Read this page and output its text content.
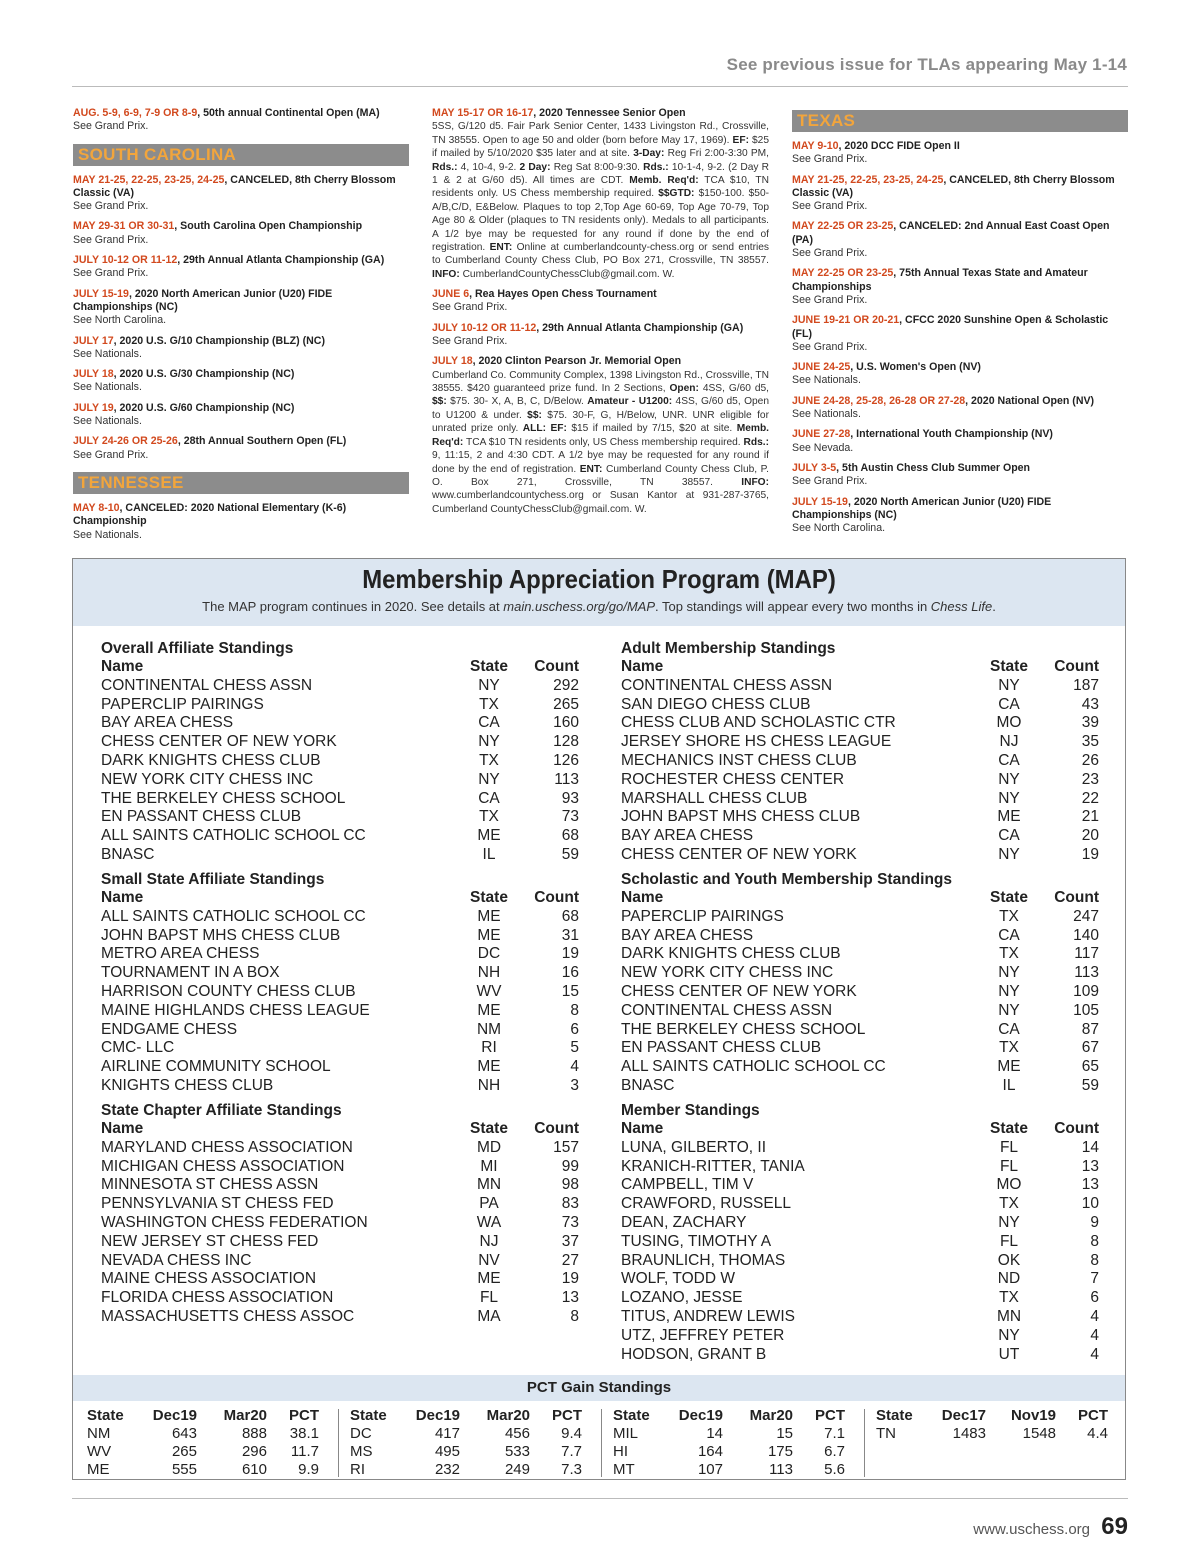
See previous issue for TLAs appearing May 1-14
AUG. 5-9, 6-9, 7-9 OR 8-9, 50th annual Continental Open (MA)
See Grand Prix.
SOUTH CAROLINA
MAY 21-25, 22-25, 23-25, 24-25, CANCELED, 8th Cherry Blossom Classic (VA)
See Grand Prix.
MAY 29-31 OR 30-31, South Carolina Open Championship
See Grand Prix.
JULY 10-12 OR 11-12, 29th Annual Atlanta Championship (GA)
See Grand Prix.
JULY 15-19, 2020 North American Junior (U20) FIDE Championships (NC)
See North Carolina.
JULY 17, 2020 U.S. G/10 Championship (BLZ) (NC)
See Nationals.
JULY 18, 2020 U.S. G/30 Championship (NC)
See Nationals.
JULY 19, 2020 U.S. G/60 Championship (NC)
See Nationals.
JULY 24-26 OR 25-26, 28th Annual Southern Open (FL)
See Grand Prix.
TENNESSEE
MAY 8-10, CANCELED: 2020 National Elementary (K-6) Championship
See Nationals.
MAY 15-17 OR 16-17, 2020 Tennessee Senior Open
5SS, G/120 d5. Fair Park Senior Center, 1433 Livingston Rd., Crossville, TN 38555. Open to age 50 and older (born before May 17, 1969). EF: $25 if mailed by 5/10/2020 $35 later and at site. 3-Day: Reg Fri 2:00-3:30 PM, Rds.: 4, 10-4, 9-2. 2 Day: Reg Sat 8:00-9:30. Rds.: 10-1-4, 9-2. (2 Day R 1 & 2 at G/60 d5). All times are CDT. Memb. Req'd: TCA $10, TN residents only. US Chess membership required. $$GTD: $150-100. $50-A/B,C/D, E&Below. Plaques to top 2,Top Age 60-69, Top Age 70-79, Top Age 80 & Older (plaques to TN residents only). Medals to all participants. A 1/2 bye may be requested for any round if done by the end of registration. ENT: Online at cumberlandcounty-chess.org or send entries to Cumberland County Chess Club, PO Box 271, Crossville, TN 38557. INFO: CumberlandCountyChessClub@gmail.com. W.
JUNE 6, Rea Hayes Open Chess Tournament
See Grand Prix.
JULY 10-12 OR 11-12, 29th Annual Atlanta Championship (GA)
See Grand Prix.
JULY 18, 2020 Clinton Pearson Jr. Memorial Open
Cumberland Co. Community Complex, 1398 Livingston Rd., Crossville, TN 38555. $420 guaranteed prize fund. In 2 Sections, Open: 4SS, G/60 d5, $$: $75. 30- X, A, B, C, D/Below. Amateur - U1200: 4SS, G/60 d5, Open to U1200 & under. $$: $75. 30-F, G, H/Below, UNR. UNR eligible for unrated prize only. ALL: EF: $15 if mailed by 7/15, $20 at site. Memb. Req'd: TCA $10 TN residents only, US Chess membership required. Rds.: 9, 11:15, 2 and 4:30 CDT. A 1/2 bye may be requested for any round if done by the end of registration. ENT: Cumberland County Chess Club, P. O. Box 271, Crossville, TN 38557. INFO: www.cumberlandcountychess.org or Susan Kantor at 931-287-3765, Cumberland CountyChessClub@gmail.com. W.
TEXAS
MAY 9-10, 2020 DCC FIDE Open II
See Grand Prix.
MAY 21-25, 22-25, 23-25, 24-25, CANCELED, 8th Cherry Blossom Classic (VA)
See Grand Prix.
MAY 22-25 OR 23-25, CANCELED: 2nd Annual East Coast Open (PA)
See Grand Prix.
MAY 22-25 OR 23-25, 75th Annual Texas State and Amateur Championships
See Grand Prix.
JUNE 19-21 OR 20-21, CFCC 2020 Sunshine Open & Scholastic (FL)
See Grand Prix.
JUNE 24-25, U.S. Women's Open (NV)
See Nationals.
JUNE 24-28, 25-28, 26-28 OR 27-28, 2020 National Open (NV)
See Nationals.
JUNE 27-28, International Youth Championship (NV)
See Nevada.
JULY 3-5, 5th Austin Chess Club Summer Open
See Grand Prix.
JULY 15-19, 2020 North American Junior (U20) FIDE Championships (NC)
See North Carolina.
Membership Appreciation Program (MAP)
The MAP program continues in 2020. See details at main.uschess.org/go/MAP. Top standings will appear every two months in Chess Life.
PCT Gain Standings
Overall Affiliate Standings
Name	State	Count
CONTINENTAL CHESS ASSN	NY	292
PAPERCLIP PAIRINGS	TX	265
BAY AREA CHESS	CA	160
CHESS CENTER OF NEW YORK	NY	128
DARK KNIGHTS CHESS CLUB	TX	126
NEW YORK CITY CHESS INC	NY	113
THE BERKELEY CHESS SCHOOL	CA	93
EN PASSANT CHESS CLUB	TX	73
ALL SAINTS CATHOLIC SCHOOL CC	ME	68
BNASC	IL	59
Adult Membership Standings
Name	State	Count
CONTINENTAL CHESS ASSN	NY	187
SAN DIEGO CHESS CLUB	CA	43
CHESS CLUB AND SCHOLASTIC CTR	MO	39
JERSEY SHORE HS CHESS LEAGUE	NJ	35
MECHANICS INST CHESS CLUB	CA	26
ROCHESTER CHESS CENTER	NY	23
MARSHALL CHESS CLUB	NY	22
JOHN BAPST MHS CHESS CLUB	ME	21
BAY AREA CHESS	CA	20
CHESS CENTER OF NEW YORK	NY	19
Small State Affiliate Standings
Name	State	Count
ALL SAINTS CATHOLIC SCHOOL CC	ME	68
JOHN BAPST MHS CHESS CLUB	ME	31
METRO AREA CHESS	DC	19
TOURNAMENT IN A BOX	NH	16
HARRISON COUNTY CHESS CLUB	WV	15
MAINE HIGHLANDS CHESS LEAGUE	ME	8
ENDGAME CHESS	NM	6
CMC- LLC	RI	5
AIRLINE COMMUNITY SCHOOL	ME	4
KNIGHTS CHESS CLUB	NH	3
Scholastic and Youth Membership Standings
Name	State	Count
PAPERCLIP PAIRINGS	TX	247
BAY AREA CHESS	CA	140
DARK KNIGHTS CHESS CLUB	TX	117
NEW YORK CITY CHESS INC	NY	113
CHESS CENTER OF NEW YORK	NY	109
CONTINENTAL CHESS ASSN	NY	105
THE BERKELEY CHESS SCHOOL	CA	87
EN PASSANT CHESS CLUB	TX	67
ALL SAINTS CATHOLIC SCHOOL CC	ME	65
BNASC	IL	59
State Chapter Affiliate Standings
Name	State	Count
MARYLAND CHESS ASSOCIATION	MD	157
MICHIGAN CHESS ASSOCIATION	MI	99
MINNESOTA ST CHESS ASSN	MN	98
PENNSYLVANIA ST CHESS FED	PA	83
WASHINGTON CHESS FEDERATION	WA	73
NEW JERSEY ST CHESS FED	NJ	37
NEVADA CHESS INC	NV	27
MAINE CHESS ASSOCIATION	ME	19
FLORIDA CHESS ASSOCIATION	FL	13
MASSACHUSETTS CHESS ASSOC	MA	8
Member Standings
Name	State	Count
LUNA, GILBERTO, II	FL	14
KRANICH-RITTER, TANIA	FL	13
CAMPBELL, TIM V	MO	13
CRAWFORD, RUSSELL	TX	10
DEAN, ZACHARY	NY	9
TUSING, TIMOTHY A	FL	8
BRAUNLICH, THOMAS	OK	8
WOLF, TODD W	ND	7
LOZANO, JESSE	TX	6
TITUS, ANDREW LEWIS	MN	4
UTZ, JEFFREY PETER	NY	4
HODSON, GRANT B	UT	4
State	Dec19	Mar20	PCT
NM	643	888	38.1
WV	265	296	11.7
ME	555	610	9.9
State	Dec19	Mar20	PCT
DC	417	456	9.4
MS	495	533	7.7
RI	232	249	7.3
State	Dec19	Mar20	PCT
MIL	14	15	7.1
HI	164	175	6.7
MT	107	113	5.6
State	Dec17	Nov19	PCT
TN	1483	1548	4.4
www.uschess.org 69
